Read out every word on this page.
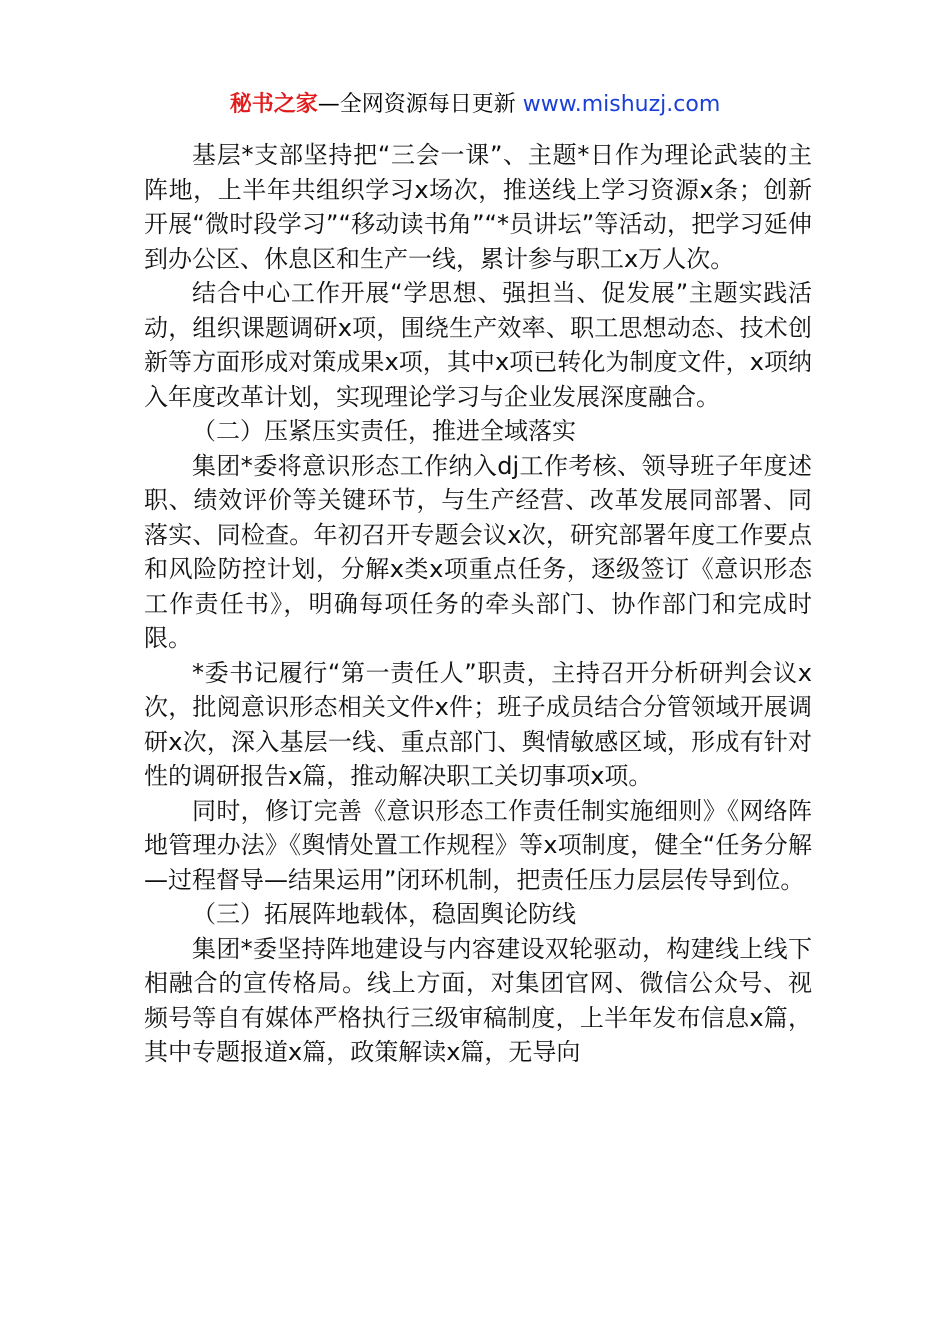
秘书之家—全网资源每日更新 www.mishuzj.com

基层*支部坚持把“三会一课”、主题*日作为理论武装的主阵地，上半年共组织学习x场次，推送线上学习资源x条；创新开展“微时段学习”“移动读书角”“*员讲坛”等活动，把学习延伸到办公区、休息区和生产一线，累计参与职工x万人次。

结合中心工作开展“学思想、强担当、促发展”主题实践活动，组织课题调研x项，围绕生产效率、职工思想动态、技术创新等方面形成对策成果x项，其中x项已转化为制度文件，x项纳入年度改革计划，实现理论学习与企业发展深度融合。

（二）压紧压实责任，推进全域落实

集团*委将意识形态工作纳入dj工作考核、领导班子年度述职、绩效评价等关键环节，与生产经营、改革发展同部署、同落实、同检查。年初召开专题会议x次，研究部署年度工作要点和风险防控计划，分解x类x项重点任务，逐级签订《意识形态工作责任书》，明确每项任务的牵头部门、协作部门和完成时限。

*委书记履行“第一责任人”职责，主持召开分析研判会议x次，批阅意识形态相关文件x件；班子成员结合分管领域开展调研x次，深入基层一线、重点部门、舆情敏感区域，形成有针对性的调研报告x篇，推动解决职工关切事项x项。

同时，修订完善《意识形态工作责任制实施细则》《网络阵地管理办法》《舆情处置工作规程》等x项制度，健全“任务分解—过程督导—结果运用”闭环机制，把责任压力层层传导到位。

（三）拓展阵地载体，稳固舆论防线

集团*委坚持阵地建设与内容建设双轮驱动，构建线上线下相融合的宣传格局。线上方面，对集团官网、微信公众号、视频号等自有媒体严格执行三级审稿制度，上半年发布信息x篇，其中专题报道x篇，政策解读x篇，无导向
